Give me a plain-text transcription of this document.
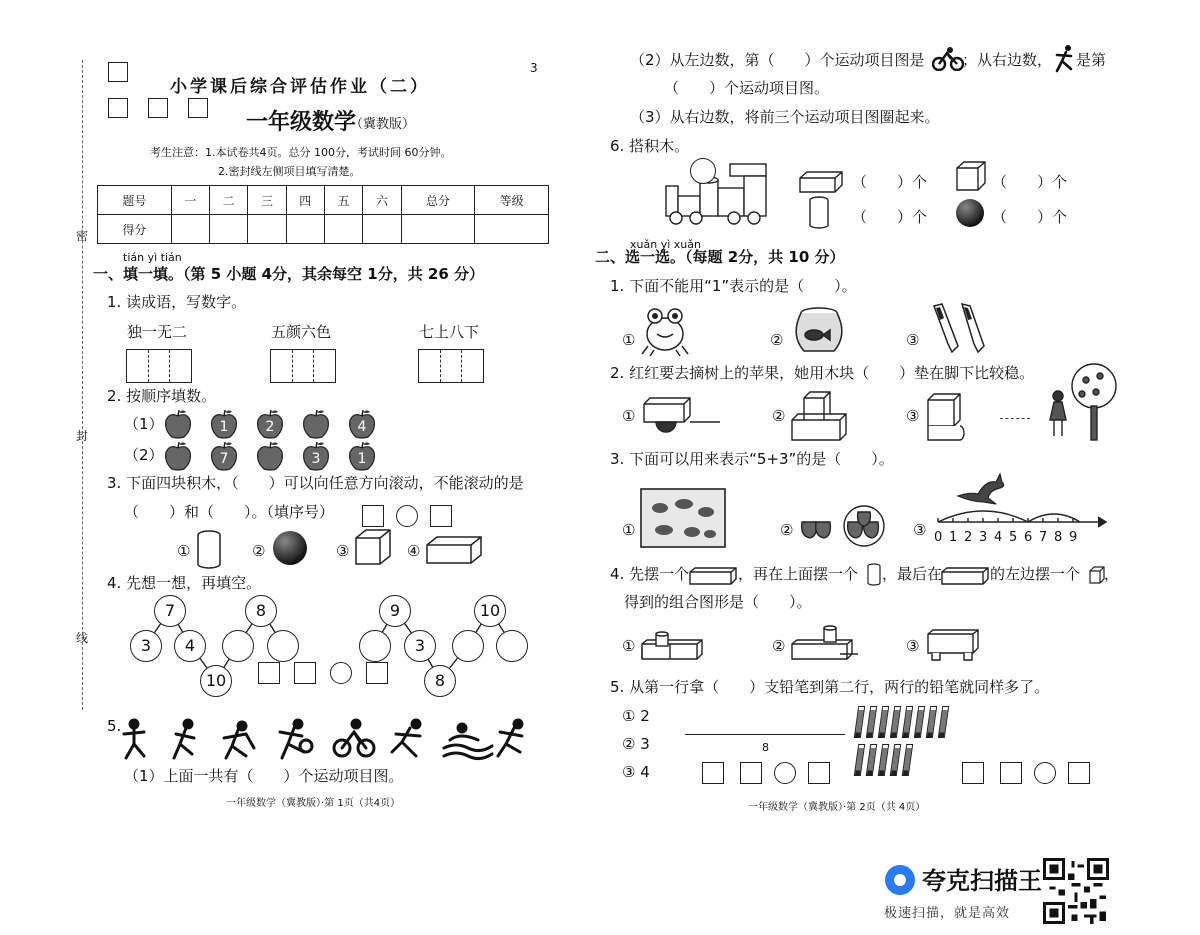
3
小学课后综合评估作业（二）
一年级数学
（冀教版）
考生注意：1.本试卷共4页。总分 100分，考试时间 60分钟。
2.密封线左侧项目填写清楚。
题号	一	二	三	四	五	六	总分	等级
得分								
密
封
线
tián yì tián
一、填一填。（第 5 小题 4分，其余每空 1分，共 26 分）
1. 读成语，写数字。
独一无二	五颜六色	七上八下
2. 按顺序填数。
（1）
（2）
1	2	4
7	3	1
3. 下面四块积木，（　　）可以向任意方向滚动，不能滚动的是
（　　）和（　　）。（填序号）
①	②	③	④
4. 先想一想，再填空。
7	8
3	4
10
9	10
3
8
5.
（1）上面一共有（　　）个运动项目图。
一年级数学（冀教版）·第 1页（共4页）
（2）从左边数，第（　　）个运动项目图是 ；从右边数， 是第
（　　）个运动项目图。
（3）从右边数，将前三个运动项目图圈起来。
6. 搭积木。
（　　）个	（　　）个
（　　）个	（　　）个
xuǎn yì xuǎn
二、选一选。（每题 2分，共 10 分）
1. 下面不能用“1”表示的是（　　）。
①	②	③
2. 红红要去摘树上的苹果，她用木块（　　）垫在脚下比较稳。
①	②	③
3. 下面可以用来表示“5+3”的是（　　）。
①	②	③ 0 1 2 3 4 5 6 7 8 9
4. 先摆一个	，再在上面摆一个 ，最后在	的左边摆一个 ，
得到的组合图形是（　　）。
①	②	③
5. 从第一行拿（　　）支铅笔到第二行，两行的铅笔就同样多了。
① 2
② 3
③ 4
8
一年级数学（冀教版）·第 2页（共 4页）
夸克扫描王
极速扫描，就是高效
